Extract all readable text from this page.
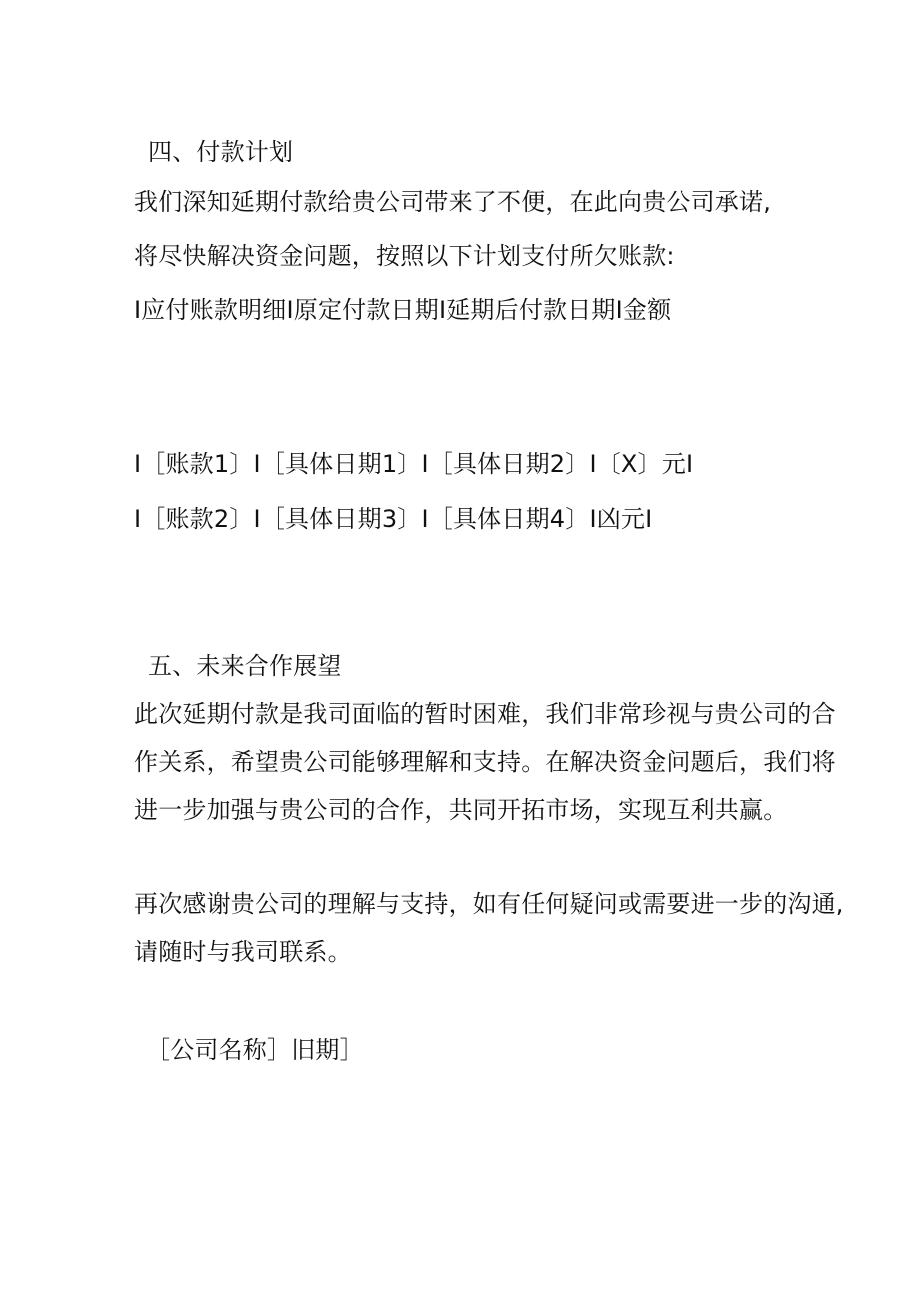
四、付款计划
我们深知延期付款给贵公司带来了不便，在此向贵公司承诺,
将尽快解决资金问题，按照以下计划支付所欠账款:
I应付账款明细I原定付款日期I延期后付款日期I金额
I［账款1〕I［具体日期1〕I［具体日期2〕I〔X〕元I
I［账款2〕I［具体日期3〕I［具体日期4〕I凶元I
五、未来合作展望
此次延期付款是我司面临的暂时困难，我们非常珍视与贵公司的合
作关系，希望贵公司能够理解和支持。在解决资金问题后，我们将
进一步加强与贵公司的合作，共同开拓市场，实现互利共赢。
再次感谢贵公司的理解与支持，如有任何疑问或需要进一步的沟通,
请随时与我司联系。
［公司名称］旧期］
